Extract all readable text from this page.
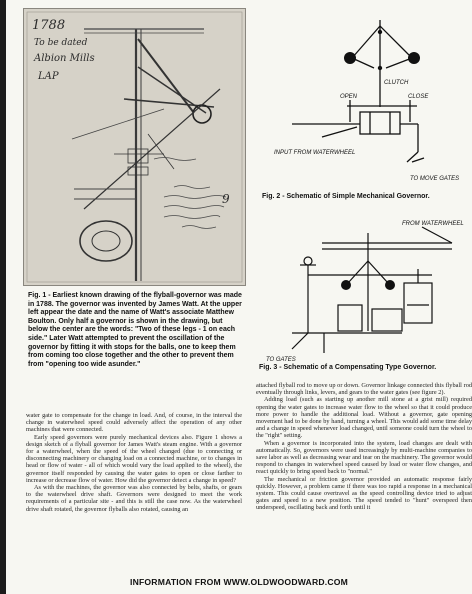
1788
To be dated
Albion Mills
LAP
9
Fig. 1 - Earliest known drawing of the flyball-governor was made in 1788. The governor was invented by James Watt. At the upper left appear the date and the name of Watt's associate Matthew Boulton. Only half a governor is shown in the drawing, but below the center are the words: "Two of these legs - 1 on each side." Later Watt attempted to prevent the oscillation of the governor by fitting it with stops for the balls, one to keep them from coming too close together and the other to prevent them from "opening too wide asunder."
CLUTCH
OPEN	CLOSE
INPUT FROM WATERWHEEL
TO MOVE GATES
Fig. 2 - Schematic of Simple Mechanical Governor.
FROM WATERWHEEL
TO GATES
Fig. 3 - Schematic of a Compensating Type Governor.

water gate to compensate for the change in load. And, of course, in the interval the change in waterwheel speed could adversely affect the operation of any other machines that were connected.

Early speed governors were purely mechanical devices also. Figure 1 shows a design sketch of a flyball governor for James Watt's steam engine. With a governor for a waterwheel, when the speed of the wheel changed (due to connecting or disconnecting machinery or changing load on a connected machine, or to changes in head or flow of water - all of which would vary the load applied to the wheel), the governor itself responded by causing the water gates to open or close farther to increase or decrease flow of water. How did the governor detect a change in speed?

As with the machines, the governor was also connected by belts, shafts, or gears to the waterwheel drive shaft. Governors were designed to meet the work requirements of a particular site - and this is still the case now. As the waterwheel drive shaft rotated, the governor flyballs also rotated, causing an

attached flyball rod to move up or down. Governor linkage connected this flyball rod eventually through links, levers, and gears to the water gates (see figure 2).

Adding load (such as starting up another mill stone at a grist mill) required opening the water gates to increase water flow to the wheel so that it could produce more power to handle the additional load. Without a governor, gate opening movement had to be done by hand, turning a wheel. This would add some time delay and a change in speed whenever load changed, until someone could turn the wheel to the "right" setting.

When a governor is incorporated into the system, load changes are dealt with automatically. So, governors were used increasingly by multi-machine companies to save labor as well as decreasing wear and tear on the machinery. The governor would respond to changes in waterwheel speed caused by load or water flow changes, and react quickly to bring speed back to "normal."

The mechanical or friction governor provided an automatic response fairly quickly. However, a problem came if there was too rapid a response in a mechanical system. This could cause overtravel as the speed controlling device tried to adjust gates and speed to a new position. The speed tended to "hunt" overspeed then underspeed, oscillating back and forth until it

INFORMATION FROM WWW.OLDWOODWARD.COM
